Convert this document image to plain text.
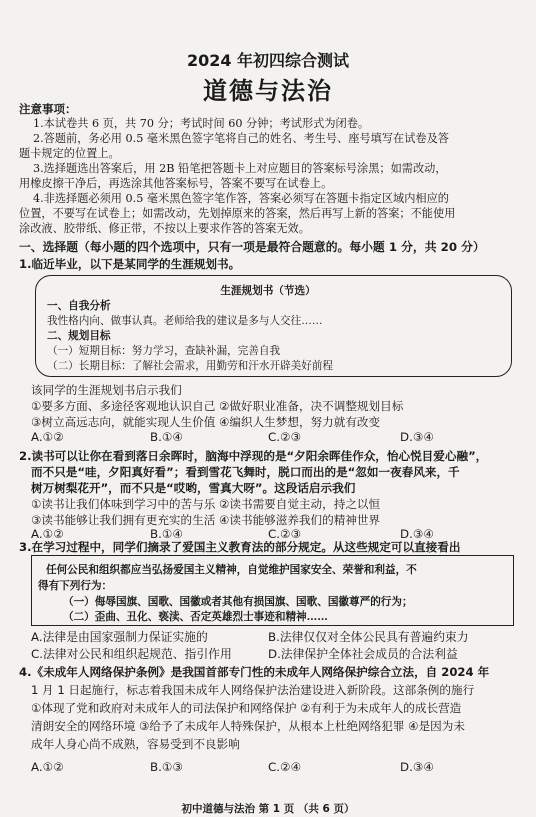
2024 年初四综合测试
道德与法治
注意事项：
1.本试卷共 6 页，共 70 分；考试时间 60 分钟；考试形式为闭卷。
2.答题前，务必用 0.5 毫米黑色签字笔将自己的姓名、考生号、座号填写在试卷及答
题卡规定的位置上。
3.选择题选出答案后，用 2B 铅笔把答题卡上对应题目的答案标号涂黑；如需改动，
用橡皮擦干净后，再选涂其他答案标号，答案不要写在试卷上。
4.非选择题必须用 0.5 毫米黑色签字笔作答，答案必须写在答题卡指定区域内相应的
位置，不要写在试卷上；如需改动，先划掉原来的答案，然后再写上新的答案；不能使用
涂改液、胶带纸、修正带，不按以上要求作答的答案无效。
一、选择题（每小题的四个选项中，只有一项是最符合题意的。每小题 1 分，共 20 分）
1.临近毕业，以下是某同学的生涯规划书。
生涯规划书（节选）
一、自我分析
我性格内向、做事认真。老师给我的建议是多与人交往……
二、规划目标
（一）短期目标：努力学习，查缺补漏，完善自我
（二）长期目标：了解社会需求，用勤劳和汗水开辟美好前程
该同学的生涯规划书启示我们
①要多方面、多途径客观地认识自己 ②做好职业准备，决不调整规划目标
③树立高远志向，就能实现人生价值 ④编织人生梦想，努力就有改变
A.①②	B.①④	C.②③	D.③④
2.读书可以让你在看到落日余晖时，脑海中浮现的是“夕阳余晖佳作众，怡心悦目爱心融”，
而不只是“哇，夕阳真好看”；看到雪花飞舞时，脱口而出的是“忽如一夜春风来，千
树万树梨花开”，而不只是“哎哟，雪真大呀”。这段话启示我们
①读书让我们体味到学习中的苦与乐 ②读书需要自觉主动，持之以恒
③读书能够让我们拥有更充实的生活 ④读书能够滋养我们的精神世界
A.①②	B.①④	C.②③	D.③④
3.在学习过程中，同学们摘录了爱国主义教育法的部分规定。从这些规定可以直接看出
任何公民和组织都应当弘扬爱国主义精神，自觉维护国家安全、荣誉和利益，不
得有下列行为：
（一）侮辱国旗、国歌、国徽或者其他有损国旗、国歌、国徽尊严的行为；
（二）歪曲、丑化、亵渎、否定英雄烈士事迹和精神……
A.法律是由国家强制力保证实施的	B.法律仅仅对全体公民具有普遍约束力
C.法律对公民和组织起规范、指引作用	D.法律保护全体社会成员的合法利益
4.《未成年人网络保护条例》是我国首部专门性的未成年人网络保护综合立法，自 2024 年
1 月 1 日起施行，标志着我国未成年人网络保护法治建设进入新阶段。这部条例的施行
①体现了党和政府对未成年人的司法保护和网络保护 ②有利于为未成年人的成长营造
清朗安全的网络环境 ③给予了未成年人特殊保护，从根本上杜绝网络犯罪 ④是因为未
成年人身心尚不成熟，容易受到不良影响
A.①②	B.①③	C.②④	D.③④
初中道德与法治 第 1 页 （共 6 页）
